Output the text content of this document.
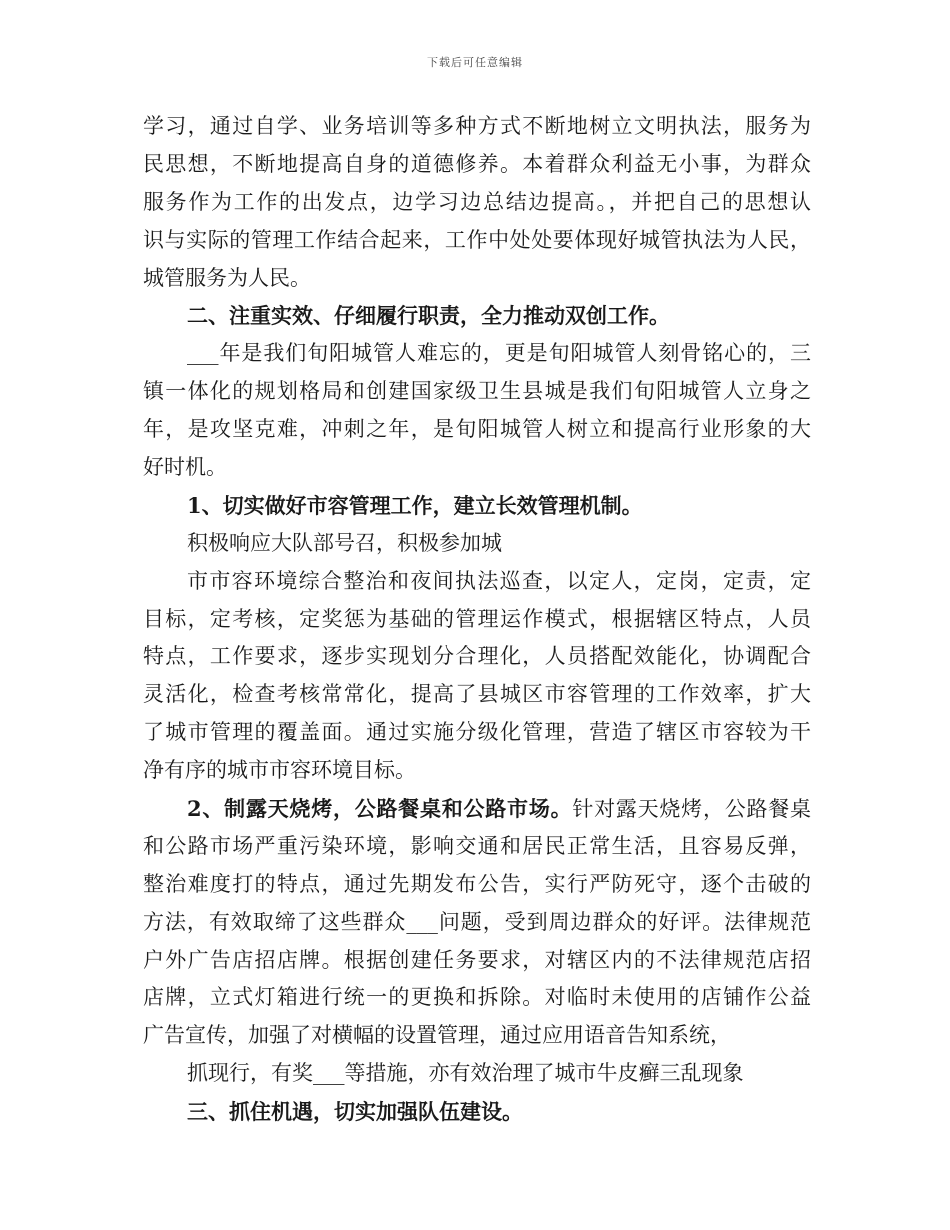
下载后可任意编辑
学习，通过自学、业务培训等多种方式不断地树立文明执法，服务为
民思想，不断地提高自身的道德修养。本着群众利益无小事，为群众
服务作为工作的出发点，边学习边总结边提高。，并把自己的思想认
识与实际的管理工作结合起来，工作中处处要体现好城管执法为人民，
城管服务为人民。
二、注重实效、仔细履行职责，全力推动双创工作。
___年是我们旬阳城管人难忘的，更是旬阳城管人刻骨铭心的，三
镇一体化的规划格局和创建国家级卫生县城是我们旬阳城管人立身之
年，是攻坚克难，冲刺之年，是旬阳城管人树立和提高行业形象的大
好时机。
1、切实做好市容管理工作，建立长效管理机制。
积极响应大队部号召，积极参加城
市市容环境综合整治和夜间执法巡查，以定人，定岗，定责，定
目标，定考核，定奖惩为基础的管理运作模式，根据辖区特点，人员
特点，工作要求，逐步实现划分合理化，人员搭配效能化，协调配合
灵活化，检查考核常常化，提高了县城区市容管理的工作效率，扩大
了城市管理的覆盖面。通过实施分级化管理，营造了辖区市容较为干
净有序的城市市容环境目标。
2、制露天烧烤，公路餐桌和公路市场。针对露天烧烤，公路餐桌
和公路市场严重污染环境，影响交通和居民正常生活，且容易反弹，
整治难度打的特点，通过先期发布公告，实行严防死守，逐个击破的
方法，有效取缔了这些群众___问题，受到周边群众的好评。法律规范
户外广告店招店牌。根据创建任务要求，对辖区内的不法律规范店招
店牌，立式灯箱进行统一的更换和拆除。对临时未使用的店铺作公益
广告宣传，加强了对横幅的设置管理，通过应用语音告知系统，
抓现行，有奖___等措施，亦有效治理了城市牛皮癣三乱现象
三、抓住机遇，切实加强队伍建设。
